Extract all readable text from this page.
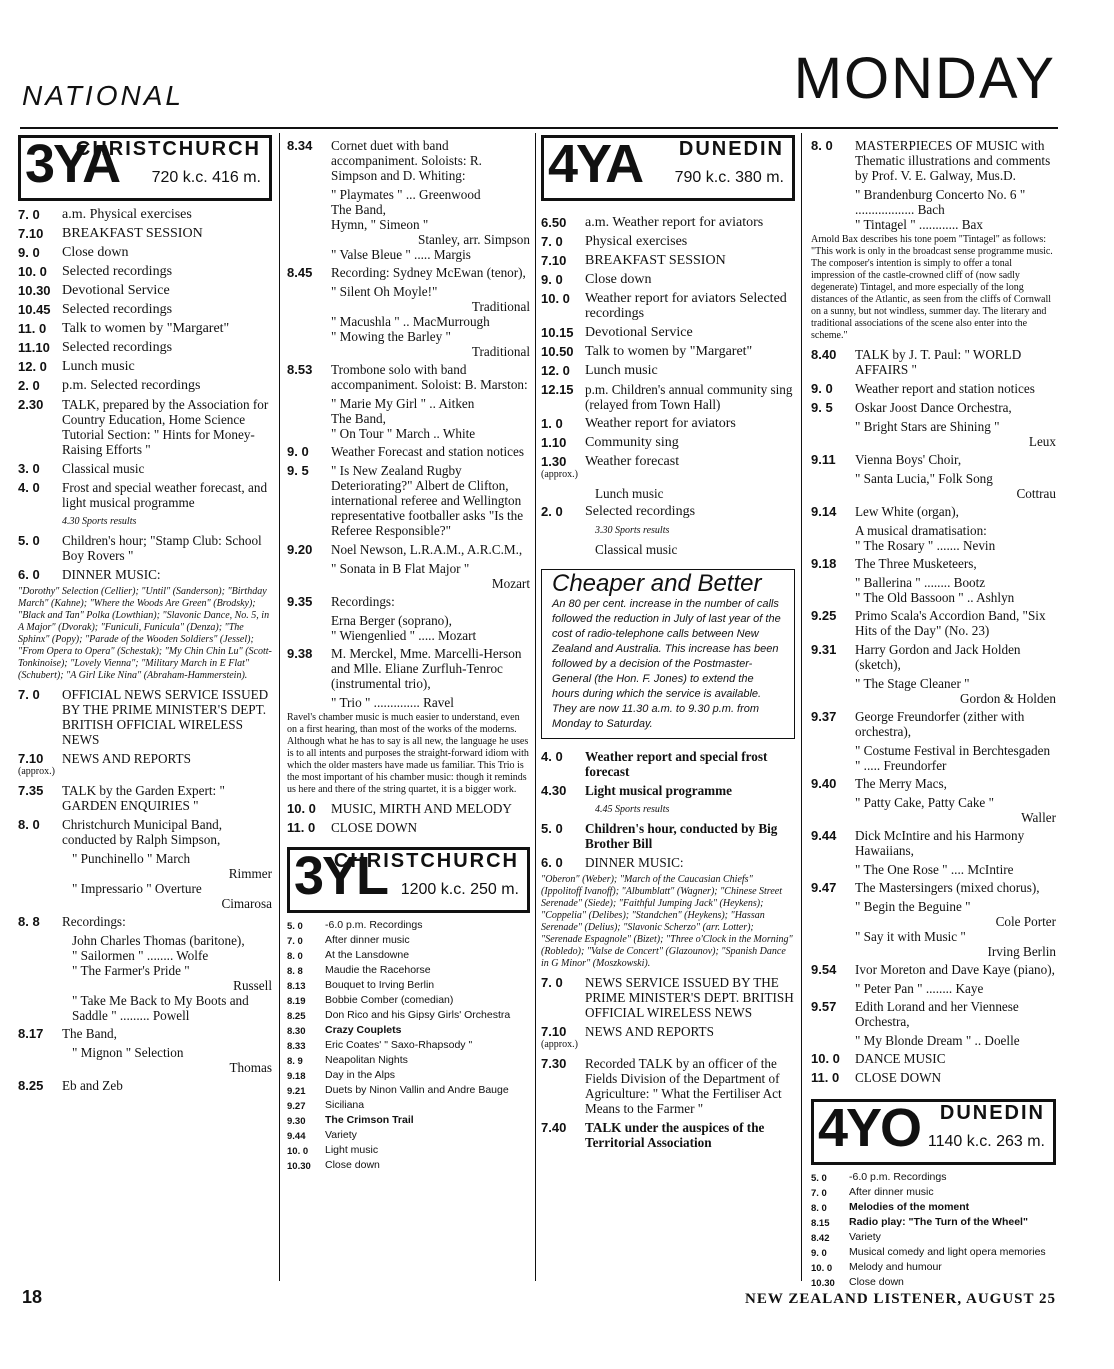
NATIONAL	MONDAY
3YA
CHRISTCHURCH
720 k.c. 416 m.
7. 0	a.m. Physical exercises
7.10	BREAKFAST SESSION
9. 0	Close down
10. 0	Selected recordings
10.30 Devotional Service
10.45 Selected recordings
11. 0	Talk to women by "Margaret"
11.10 Selected recordings
12. 0	Lunch music
2. 0	p.m. Selected recordings
2.30	TALK, prepared by the Association for Country Education, Home Science Tutorial Section: " Hints for Money-Raising Efforts "
3. 0	Classical music
4. 0	Frost and special weather forecast, and light musical programme
4.30 Sports results
5. 0	Children's hour; "Stamp Club: School Boy Rovers "
6. 0	DINNER MUSIC:
"Dorothy" Selection (Cellier); "Until" (Sanderson); "Birthday March" (Kahne); "Where the Woods Are Green" (Brodsky); "Black and Tan" Polka (Lowthian); "Slavonic Dance, No. 5, in A Major" (Dvorak); "Funiculi, Funicula" (Denza); "The Sphinx" (Popy); "Parade of the Wooden Soldiers" (Jessel); "From Opera to Opera" (Schestak); "My Chin Chin Lu" (Scott-Tonkinoise); "Lovely Vienna"; "Military March in E Flat" (Schubert); "A Girl Like Nina" (Abraham-Hammerstein).
7. 0	OFFICIAL NEWS SERVICE ISSUED BY THE PRIME MINISTER'S DEPT. BRITISH OFFICIAL WIRELESS NEWS
7.10	NEWS AND REPORTS
(approx.)
7.35	TALK by the Garden Expert: " GARDEN ENQUIRIES "
8. 0	Christchurch Municipal Band, conducted by Ralph Simpson,
" Punchinello " March
Rimmer
" Impressario " Overture
Cimarosa
8. 8	Recordings:
John Charles Thomas (baritone),
" Sailormen " ........ Wolfe
" The Farmer's Pride "
Russell
" Take Me Back to My Boots and Saddle " ......... Powell
8.17	The Band,
" Mignon " Selection
Thomas
8.25	Eb and Zeb
8.34	Cornet duet with band accompaniment. Soloists: R. Simpson and D. Whiting:
" Playmates " ... Greenwood
The Band,
Hymn, " Simeon "
Stanley, arr. Simpson
" Valse Bleue " ..... Margis
8.45	Recording: Sydney McEwan (tenor),
" Silent Oh Moyle!"
Traditional
" Macushla " .. MacMurrough
" Mowing the Barley "
Traditional
8.53	Trombone solo with band accompaniment. Soloist: B. Marston:
" Marie My Girl " .. Aitken
The Band,
" On Tour " March .. White
9. 0	Weather Forecast and station notices
9. 5	" Is New Zealand Rugby Deteriorating?" Albert de Clifton, international referee and Wellington representative footballer asks "Is the Referee Responsible?"
9.20	Noel Newson, L.R.A.M., A.R.C.M.,
" Sonata in B Flat Major "
Mozart
9.35	Recordings:
Erna Berger (soprano),
" Wiengenlied " ..... Mozart
9.38	M. Merckel, Mme. Marcelli-Herson and Mlle. Eliane Zurfluh-Tenroc (instrumental trio),
" Trio " .............. Ravel
Ravel's chamber music is much easier to understand, even on a first hearing, than most of the works of the moderns. Although what he has to say is all new, the language he uses is to all intents and purposes the straight-forward idiom with which the older masters have made us familiar. This Trio is the most important of his chamber music: though it reminds us here and there of the string quartet, it is a bigger work.
10. 0	MUSIC, MIRTH AND MELODY
11. 0	CLOSE DOWN
3YL
CHRISTCHURCH
1200 k.c. 250 m.
5. 0	-6.0 p.m. Recordings
7. 0	After dinner music
8. 0	At the Lansdowne
8. 8	Maudie the Racehorse
8.13	Bouquet to Irving Berlin
8.19	Bobbie Comber (comedian)
8.25	Don Rico and his Gipsy Girls' Orchestra
8.30	Crazy Couplets
8.33	Eric Coates' " Saxo-Rhapsody "
8. 9	Neapolitan Nights
9.18	Day in the Alps
9.21	Duets by Ninon Vallin and Andre Bauge
9.27	Siciliana
9.30	The Crimson Trail
9.44	Variety
10. 0	Light music
10.30	Close down
4YA DUNEDIN
790 k.c. 380 m.
6.50	a.m. Weather report for aviators
7. 0	Physical exercises
7.10	BREAKFAST SESSION
9. 0	Close down
10. 0	Weather report for aviators Selected recordings
10.15 Devotional Service
10.50 Talk to women by "Margaret"
12. 0	Lunch music
12.15 p.m. Children's annual community sing (relayed from Town Hall)
1. 0	Weather report for aviators
1.10	Community sing
1.30	Weather forecast
(approx.)
Lunch music
2. 0	Selected recordings
3.30 Sports results
Classical music
Cheaper and Better
An 80 per cent. increase in the number of calls followed the reduction in July of last year of the cost of radio-telephone calls between New Zealand and Australia. This increase has been followed by a decision of the Postmaster-General (the Hon. F. Jones) to extend the hours during which the service is available. They are now 11.30 a.m. to 9.30 p.m. from Monday to Saturday.
4. 0	Weather report and special frost forecast
4.30	Light musical programme
4.45 Sports results
5. 0	Children's hour, conducted by Big Brother Bill
6. 0	DINNER MUSIC:
"Oberon" (Weber); "March of the Caucasian Chiefs" (Ippolitoff Ivanoff); "Albumblatt" (Wagner); "Chinese Street Serenade" (Siede); "Faithful Jumping Jack" (Heykens); "Coppelia" (Delibes); "Standchen" (Heykens); "Hassan Serenade" (Delius); "Slavonic Scherzo" (arr. Lotter); "Serenade Espagnole" (Bizet); "Three o'Clock in the Morning" (Robledo); "Valse de Concert" (Glazounov); "Spanish Dance in G Minor" (Moszkowski).
7. 0	NEWS SERVICE ISSUED BY THE PRIME MINISTER'S DEPT. BRITISH OFFICIAL WIRELESS NEWS
7.10	NEWS AND REPORTS
(approx.)
7.30	Recorded TALK by an officer of the Fields Division of the Department of Agriculture: " What the Fertiliser Act Means to the Farmer "
7.40	TALK under the auspices of the Territorial Association
8. 0	MASTERPIECES OF MUSIC with Thematic illustrations and comments by Prof. V. E. Galway, Mus.D.
" Brandenburg Concerto No. 6 " .................. Bach
" Tintagel " ............ Bax
Arnold Bax describes his tone poem "Tintagel" as follows: "This work is only in the broadcast sense programme music. The composer's intention is simply to offer a tonal impression of the castle-crowned cliff of (now sadly degenerate) Tintagel, and more especially of the long distances of the Atlantic, as seen from the cliffs of Cornwall on a sunny, but not windless, summer day. The literary and traditional associations of the scene also enter into the scheme."
8.40	TALK by J. T. Paul: " WORLD AFFAIRS "
9. 0	Weather report and station notices
9. 5	Oskar Joost Dance Orchestra,
" Bright Stars are Shining "
Leux
9.11	Vienna Boys' Choir,
" Santa Lucia," Folk Song
Cottrau
9.14	Lew White (organ),
A musical dramatisation:
" The Rosary " ....... Nevin
9.18	The Three Musketeers,
" Ballerina " ........ Bootz
" The Old Bassoon " .. Ashlyn
9.25	Primo Scala's Accordion Band, "Six Hits of the Day" (No. 23)
9.31	Harry Gordon and Jack Holden (sketch),
" The Stage Cleaner "
Gordon & Holden
9.37	George Freundorfer (zither with orchestra),
" Costume Festival in Berchtesgaden " ..... Freundorfer
9.40	The Merry Macs,
" Patty Cake, Patty Cake "
Waller
9.44	Dick McIntire and his Harmony Hawaiians,
" The One Rose " .... McIntire
9.47	The Mastersingers (mixed chorus),
" Begin the Beguine "
Cole Porter
" Say it with Music "
Irving Berlin
9.54	Ivor Moreton and Dave Kaye (piano),
" Peter Pan " ........ Kaye
9.57	Edith Lorand and her Viennese Orchestra,
" My Blonde Dream " .. Doelle
10. 0	DANCE MUSIC
11. 0	CLOSE DOWN
4YO DUNEDIN
1140 k.c. 263 m.
5. 0	-6.0 p.m. Recordings
7. 0	After dinner music
8. 0	Melodies of the moment
8.15	Radio play: "The Turn of the Wheel"
8.42	Variety
9. 0	Musical comedy and light opera memories
10. 0	Melody and humour
10.30	Close down
18	NEW ZEALAND LISTENER, AUGUST 25
